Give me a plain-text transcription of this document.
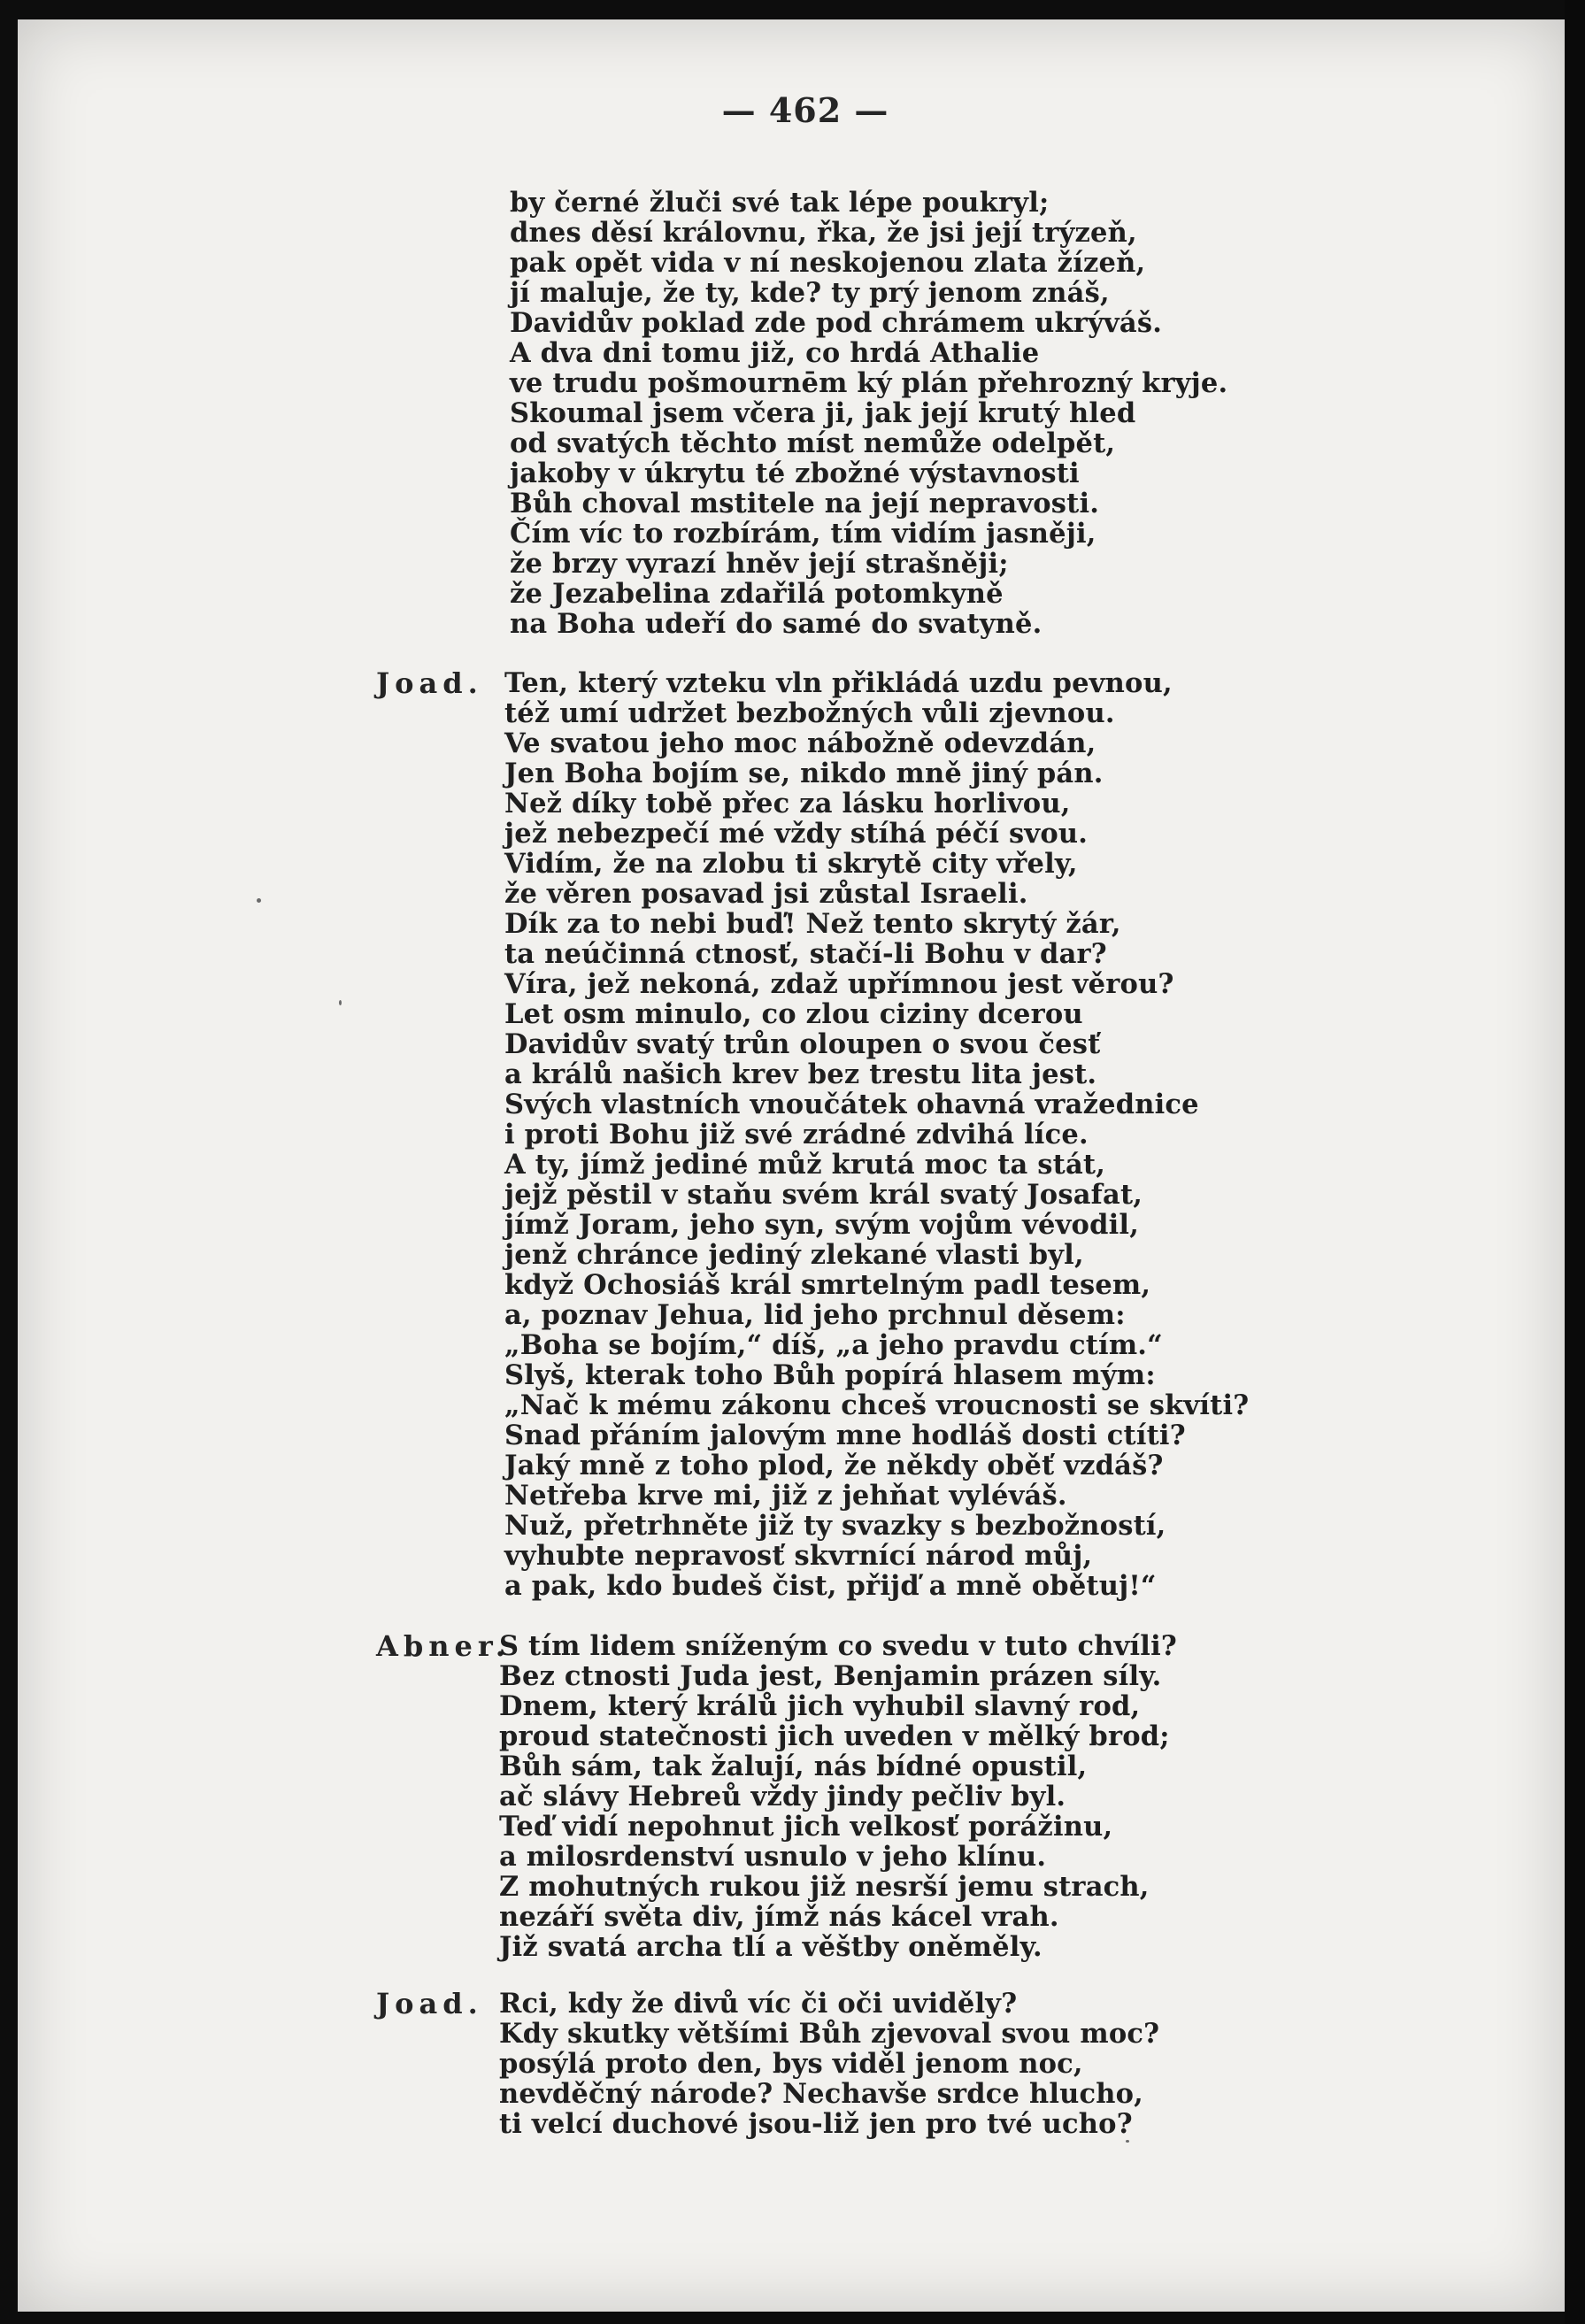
— 462 —
by černé žluči své tak lépe poukryl;
dnes děsí královnu, řka, že jsi její trýzeň,
pak opět vida v ní neskojenou zlata žízeň,
jí maluje, že ty, kde? ty prý jenom znáš,
Davidův poklad zde pod chrámem ukrýváš.
A dva dni tomu již, co hrdá Athalie
ve trudu pošmournēm ký plán přehrozný kryje.
Skoumal jsem včera ji, jak její krutý hled
od svatých těchto míst nemůže odelpět,
jakoby v úkrytu té zbožné výstavnosti
Bůh choval mstitele na její nepravosti.
Čím víc to rozbírám, tím vidím jasněji,
že brzy vyrazí hněv její strašněji;
že Jezabelina zdařilá potomkyně
na Boha udeří do samé do svatyně.
Joad. Ten, který vzteku vln přikládá uzdu pevnou,
též umí udržet bezbožných vůli zjevnou.
Ve svatou jeho moc nábožně odevzdán,
Jen Boha bojím se, nikdo mně jiný pán.
Než díky tobě přec za lásku horlivou,
jež nebezpečí mé vždy stíhá péčí svou.
Vidím, že na zlobu ti skrytě city vřely,
že věren posavad jsi zůstal Israeli.
Dík za to nebi buď! Než tento skrytý žár,
ta neúčinná ctnosť, stačí-li Bohu v dar?
Víra, jež nekoná, zdaž upřímnou jest věrou?
Let osm minulo, co zlou ciziny dcerou
Davidův svatý trůn oloupen o svou česť
a králů našich krev bez trestu lita jest.
Svých vlastních vnoučátek ohavná vražednice
i proti Bohu již své zrádné zdvihá líce.
A ty, jímž jediné můž krutá moc ta stát,
jejž pěstil v staňu svém král svatý Josafat,
jímž Joram, jeho syn, svým vojům vévodil,
jenž chránce jediný zlekané vlasti byl,
když Ochosiáš král smrtelným padl tesem,
a, poznav Jehua, lid jeho prchnul děsem:
„Boha se bojím,“ díš, „a jeho pravdu ctím.“
Slyš, kterak toho Bůh popírá hlasem mým:
„Nač k mému zákonu chceš vroucnosti se skvíti?
Snad přáním jalovým mne hodláš dosti ctíti?
Jaký mně z toho plod, že někdy oběť vzdáš?
Netřeba krve mi, již z jehňat vyléváš.
Nuž, přetrhněte již ty svazky s bezbožností,
vyhubte nepravosť skvrnící národ můj,
a pak, kdo budeš čist, přijď a mně obětuj!“
Abner.
S tím lidem sníženým co svedu v tuto chvíli?
Bez ctnosti Juda jest, Benjamin prázen síly.
Dnem, který králů jich vyhubil slavný rod,
proud statečnosti jich uveden v mělký brod;
Bůh sám, tak žalují, nás bídné opustil,
ač slávy Hebreů vždy jindy pečliv byl.
Teď vidí nepohnut jich velkosť porážinu,
a milosrdenství usnulo v jeho klínu.
Z mohutných rukou již nesrší jemu strach,
nezáří světa div, jímž nás kácel vrah.
Již svatá archa tlí a věštby oněměly.
Joad. Rci, kdy že divů víc či oči uviděly?
Kdy skutky většími Bůh zjevoval svou moc?
posýlá proto den, bys viděl jenom noc,
nevděčný národe? Nechavše srdce hluchо,
ti velcí duchové jsou-liž jen pro tvé ucho?
